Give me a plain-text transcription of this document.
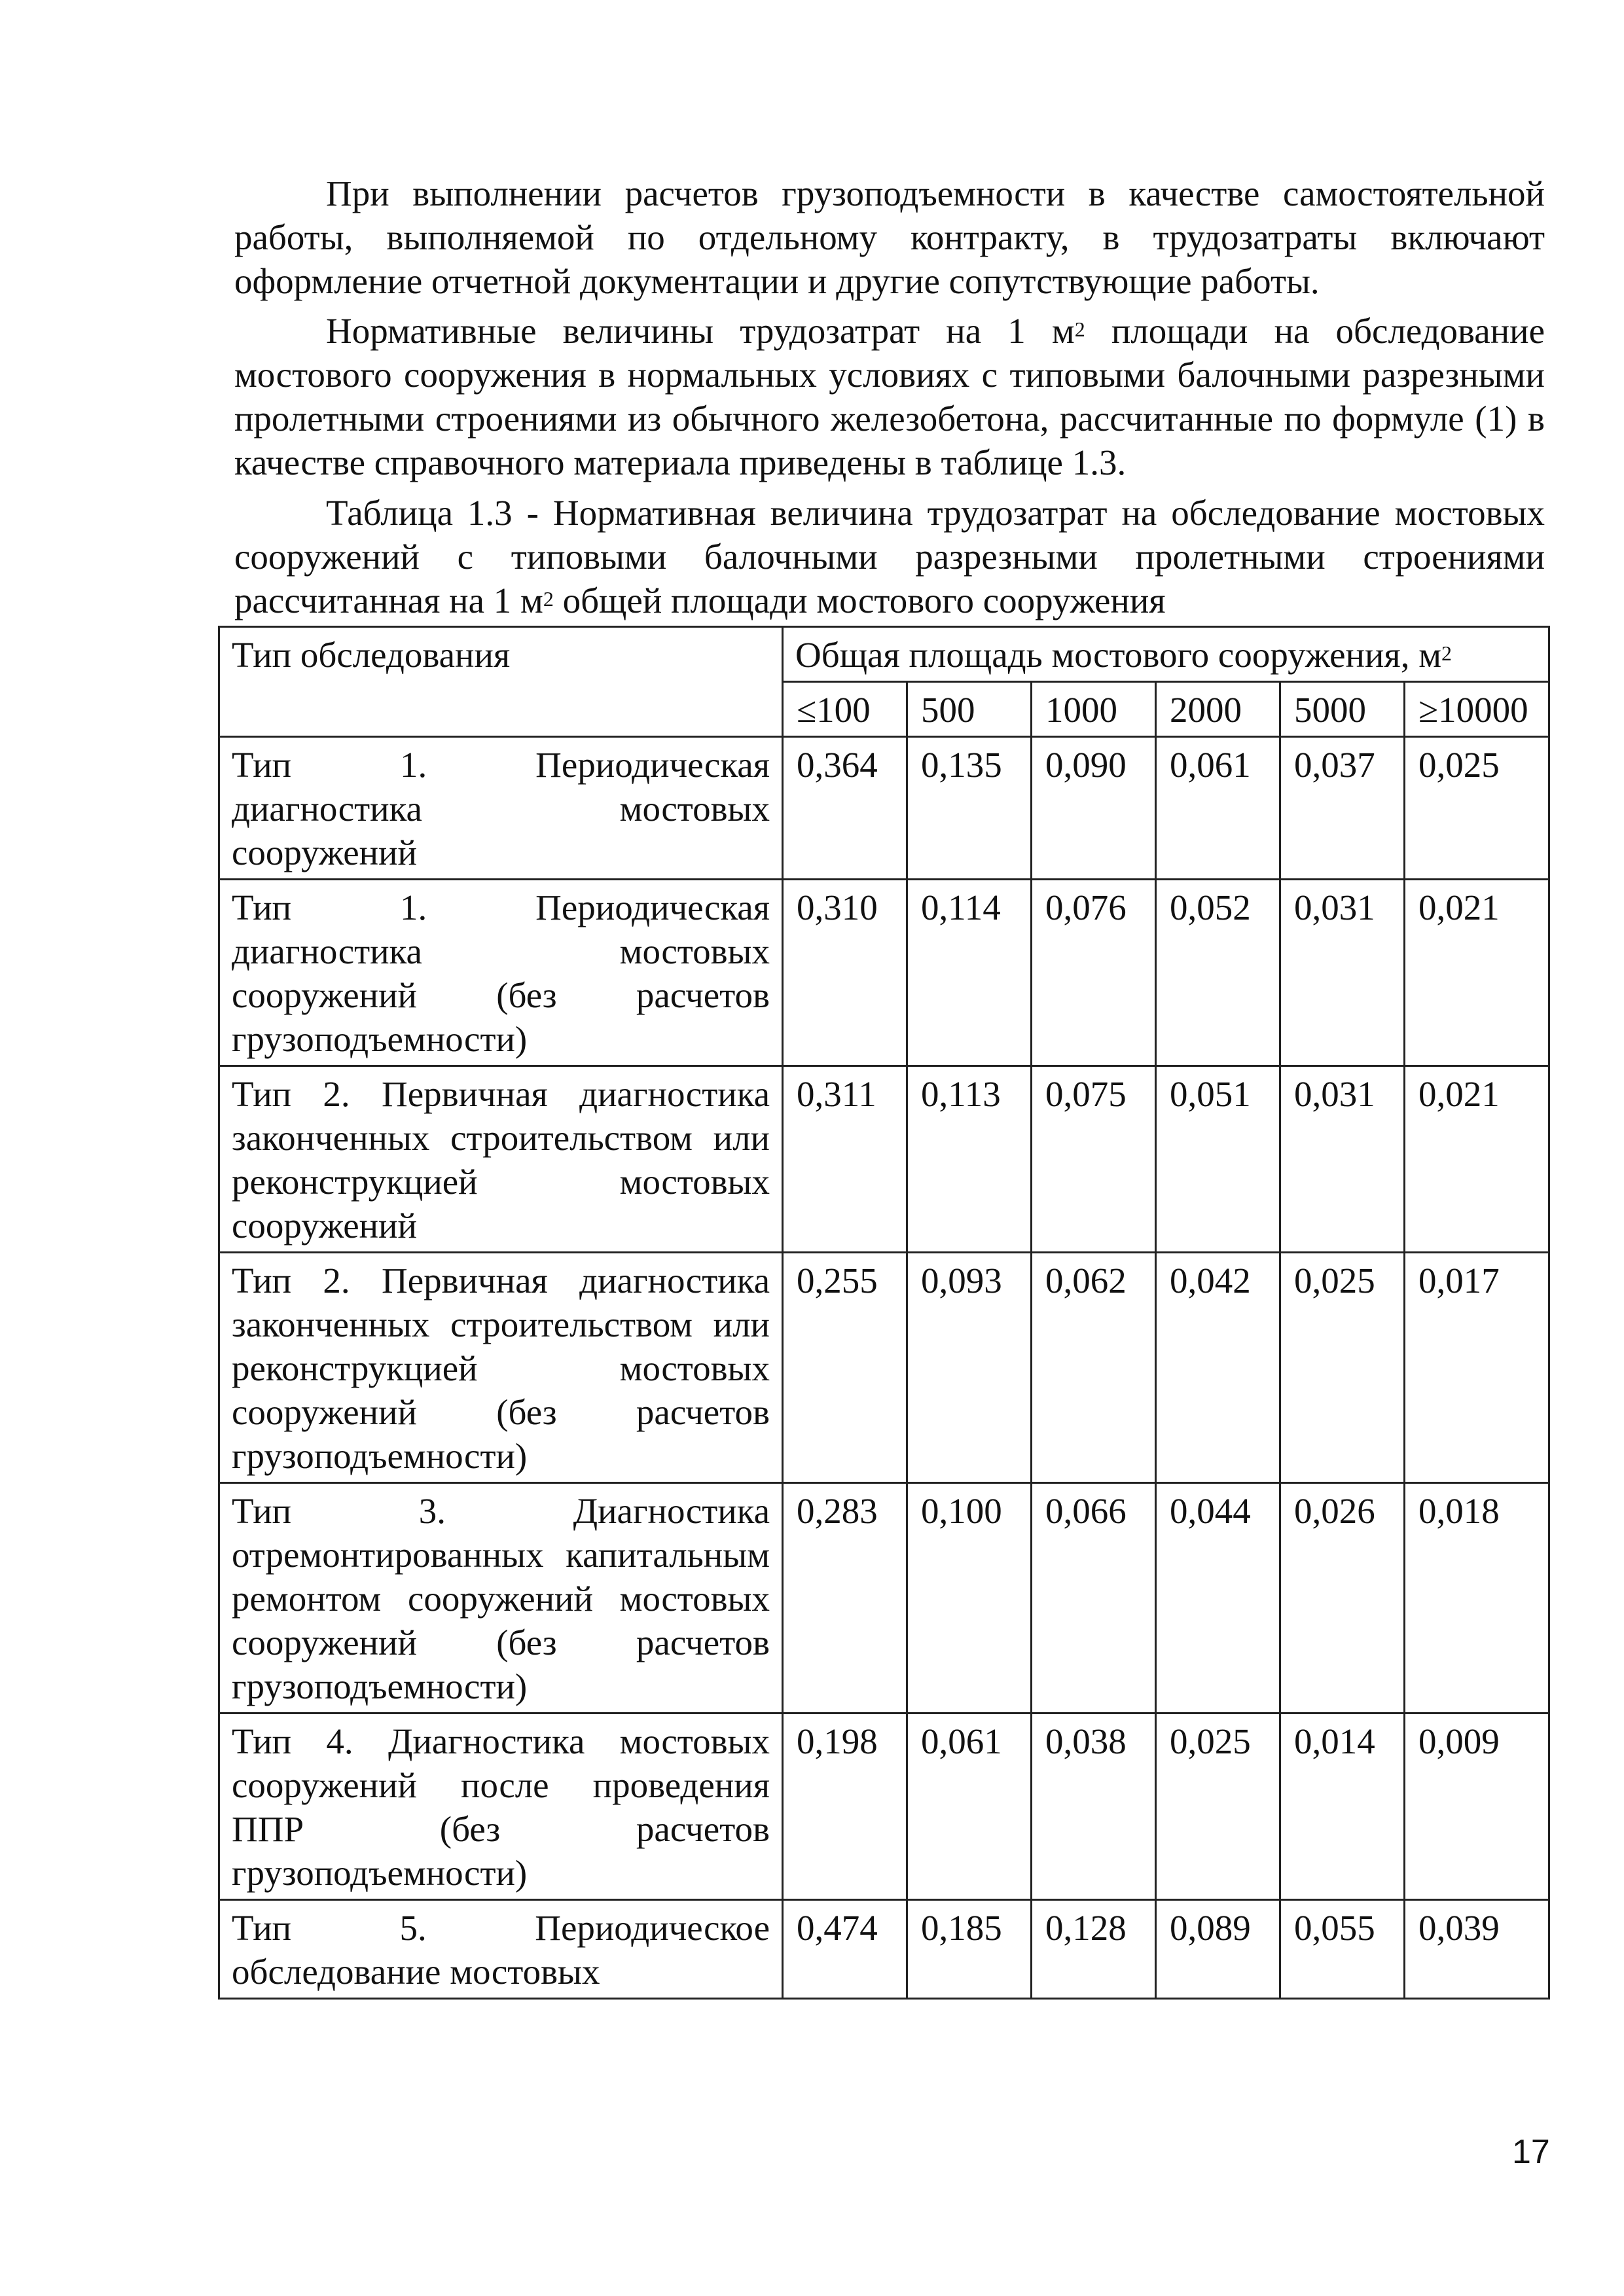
При выполнении расчетов грузоподъемности в качестве самостоятельной работы, выполняемой по отдельному контракту, в трудозатраты включают оформление отчетной документации и другие сопутствующие работы.

Нормативные величины трудозатрат на 1 $м^2$ площади на обследование мостового сооружения в нормальных условиях с типовыми балочными разрезными пролетными строениями из обычного железобетона, рассчитанные по формуле (1) в качестве справочного материала приведены в таблице 1.3.

Таблица 1.3 - Нормативная величина трудозатрат на обследование мостовых сооружений с типовыми балочными разрезными пролетными строениями рассчитанная на 1 $м^2$ общей площади мостового сооружения

Тип обследования	Общая площадь мостового сооружения, $м^2$
	≤100	500	1000	2000	5000	≥10000
Тип 1. Периодическая диагностика мостовых сооружений	0,364	0,135	0,090	0,061	0,037	0,025
Тип 1. Периодическая диагностика мостовых сооружений (без расчетов грузоподъемности)	0,310	0,114	0,076	0,052	0,031	0,021
Тип 2. Первичная диагностика законченных строительством или реконструкцией мостовых сооружений	0,311	0,113	0,075	0,051	0,031	0,021
Тип 2. Первичная диагностика законченных строительством или реконструкцией мостовых сооружений (без расчетов грузоподъемности)	0,255	0,093	0,062	0,042	0,025	0,017
Тип 3. Диагностика отремонтированных капитальным ремонтом сооружений мостовых сооружений (без расчетов грузоподъемности)	0,283	0,100	0,066	0,044	0,026	0,018
Тип 4. Диагностика мостовых сооружений после проведения ППР (без расчетов грузоподъемности)	0,198	0,061	0,038	0,025	0,014	0,009
Тип 5. Периодическое обследование мостовых	0,474	0,185	0,128	0,089	0,055	0,039
17
